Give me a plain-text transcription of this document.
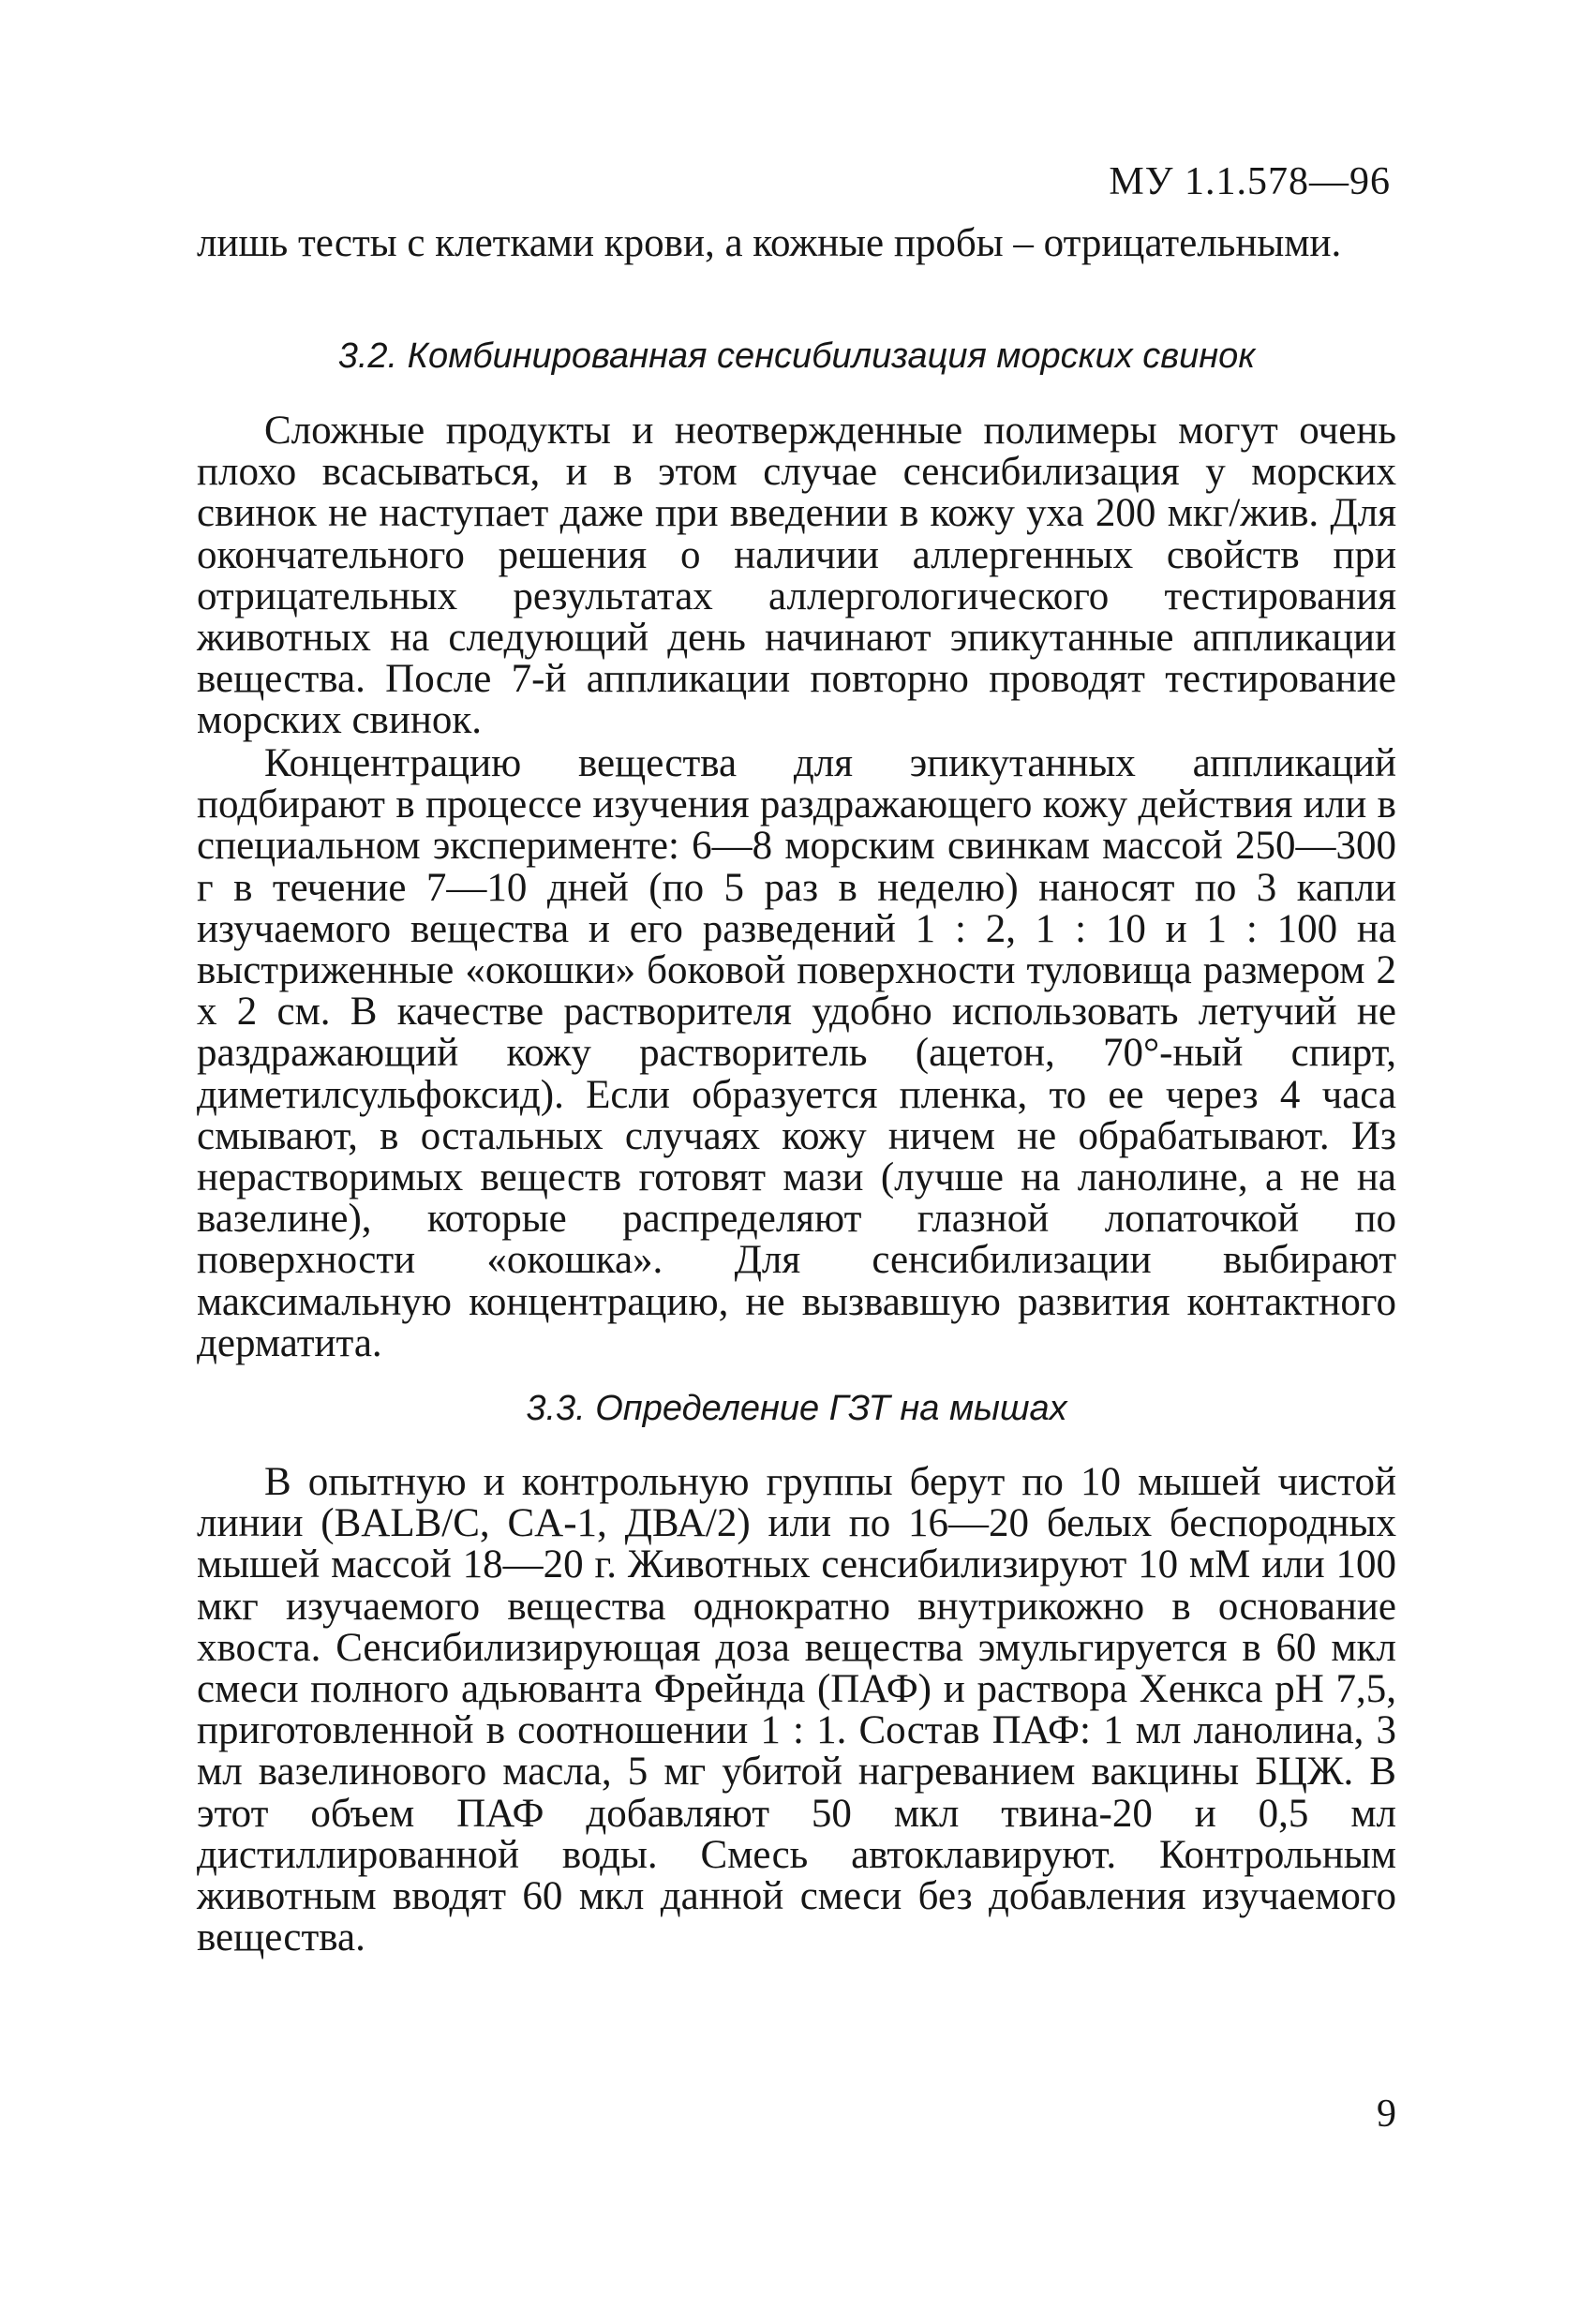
МУ 1.1.578—96

лишь тесты с клетками крови, а кожные пробы – отрицательными.

3.2. Комбинированная сенсибилизация морских свинок

Сложные продукты и неотвержденные полимеры могут очень плохо всасываться, и в этом случае сенсибилизация у морских свинок не наступает даже при введении в кожу уха 200 мкг/жив. Для окончательного решения о наличии аллергенных свойств при отрицательных результатах аллергологического тестирования животных на следующий день начинают эпикутанные аппликации вещества. После 7-й аппликации повторно проводят тестирование морских свинок.

Концентрацию вещества для эпикутанных аппликаций подбирают в процессе изучения раздражающего кожу действия или в специальном эксперименте: 6—8 морским свинкам массой 250—300 г в течение 7—10 дней (по 5 раз в неделю) наносят по 3 капли изучаемого вещества и его разведений 1 : 2, 1 : 10 и 1 : 100 на выстриженные «окошки» боковой поверхности туловища размером 2 х 2 см. В качестве растворителя удобно использовать летучий не раздражающий кожу растворитель (ацетон, 70°-ный спирт, диметилсульфоксид). Если образуется пленка, то ее через 4 часа смывают, в остальных случаях кожу ничем не обрабатывают. Из нерастворимых веществ готовят мази (лучше на ланолине, а не на вазелине), которые распределяют глазной лопаточкой по поверхности «окошка». Для сенсибилизации выбирают максимальную концентрацию, не вызвавшую развития контактного дерматита.

3.3. Определение ГЗТ на мышах

В опытную и контрольную группы берут по 10 мышей чистой линии (BALB/C, CA-1, ДВА/2) или по 16—20 белых беспородных мышей массой 18—20 г. Животных сенсибилизируют 10 мМ или 100 мкг изучаемого вещества однократно внутрикожно в основание хвоста. Сенсибилизирующая доза вещества эмульгируется в 60 мкл смеси полного адьюванта Фрейнда (ПАФ) и раствора Хенкса pH 7,5, приготовленной в соотношении 1 : 1. Состав ПАФ: 1 мл ланолина, 3 мл вазелинового масла, 5 мг убитой нагреванием вакцины БЦЖ. В этот объем ПАФ добавляют 50 мкл твина-20 и 0,5 мл дистиллированной воды. Смесь автоклавируют. Контрольным животным вводят 60 мкл данной смеси без добавления изучаемого вещества.

9
